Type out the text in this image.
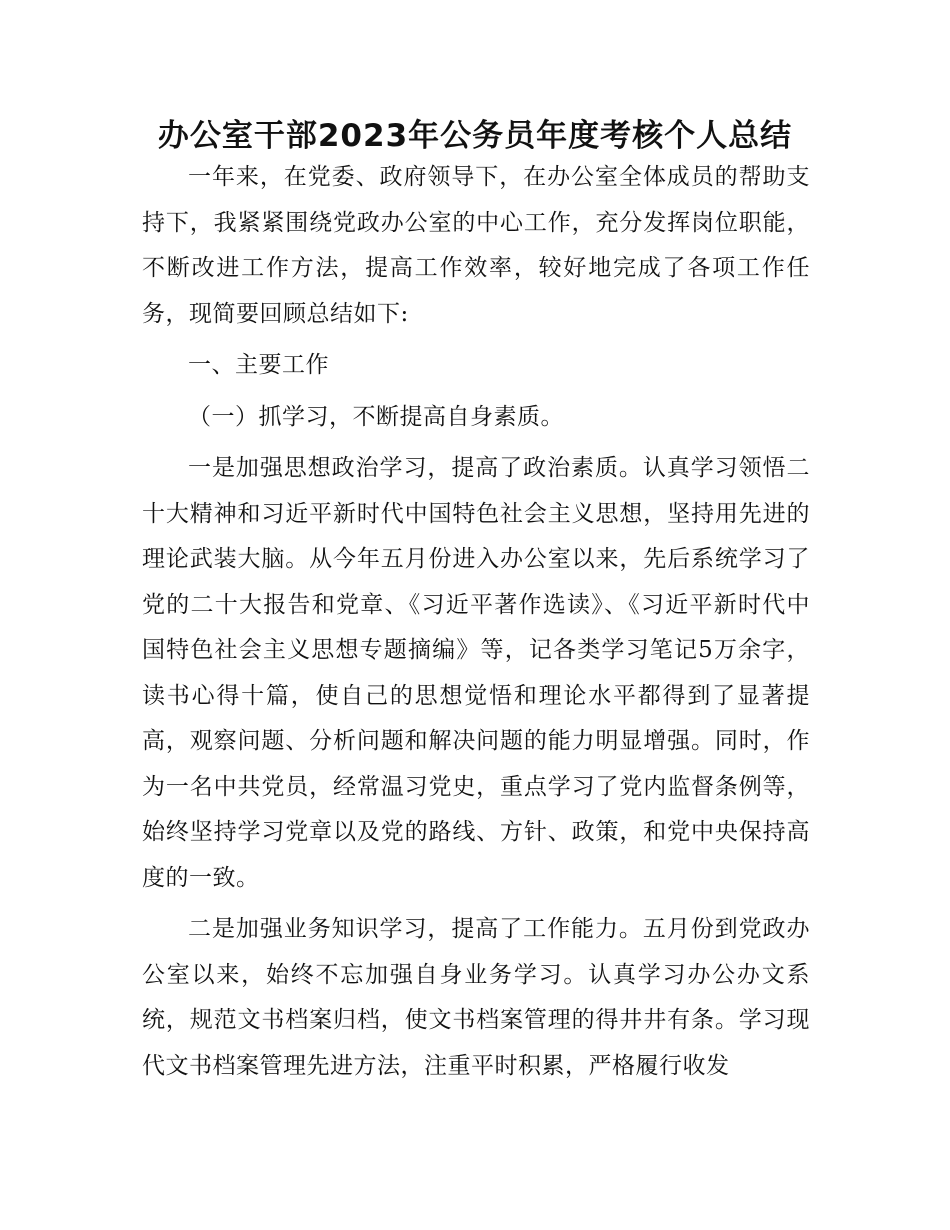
办公室干部2023年公务员年度考核个人总结

一年来，在党委、政府领导下，在办公室全体成员的帮助支持下，我紧紧围绕党政办公室的中心工作，充分发挥岗位职能，不断改进工作方法，提高工作效率，较好地完成了各项工作任务，现简要回顾总结如下:

一、主要工作

（一）抓学习，不断提高自身素质。

一是加强思想政治学习，提高了政治素质。认真学习领悟二十大精神和习近平新时代中国特色社会主义思想，坚持用先进的理论武装大脑。从今年五月份进入办公室以来，先后系统学习了党的二十大报告和党章、《习近平著作选读》、《习近平新时代中国特色社会主义思想专题摘编》等，记各类学习笔记5万余字，读书心得十篇，使自己的思想觉悟和理论水平都得到了显著提高，观察问题、分析问题和解决问题的能力明显增强。同时，作为一名中共党员，经常温习党史，重点学习了党内监督条例等，始终坚持学习党章以及党的路线、方针、政策，和党中央保持高度的一致。

二是加强业务知识学习，提高了工作能力。五月份到党政办公室以来，始终不忘加强自身业务学习。认真学习办公办文系统，规范文书档案归档，使文书档案管理的得井井有条。学习现代文书档案管理先进方法，注重平时积累，严格履行收发
